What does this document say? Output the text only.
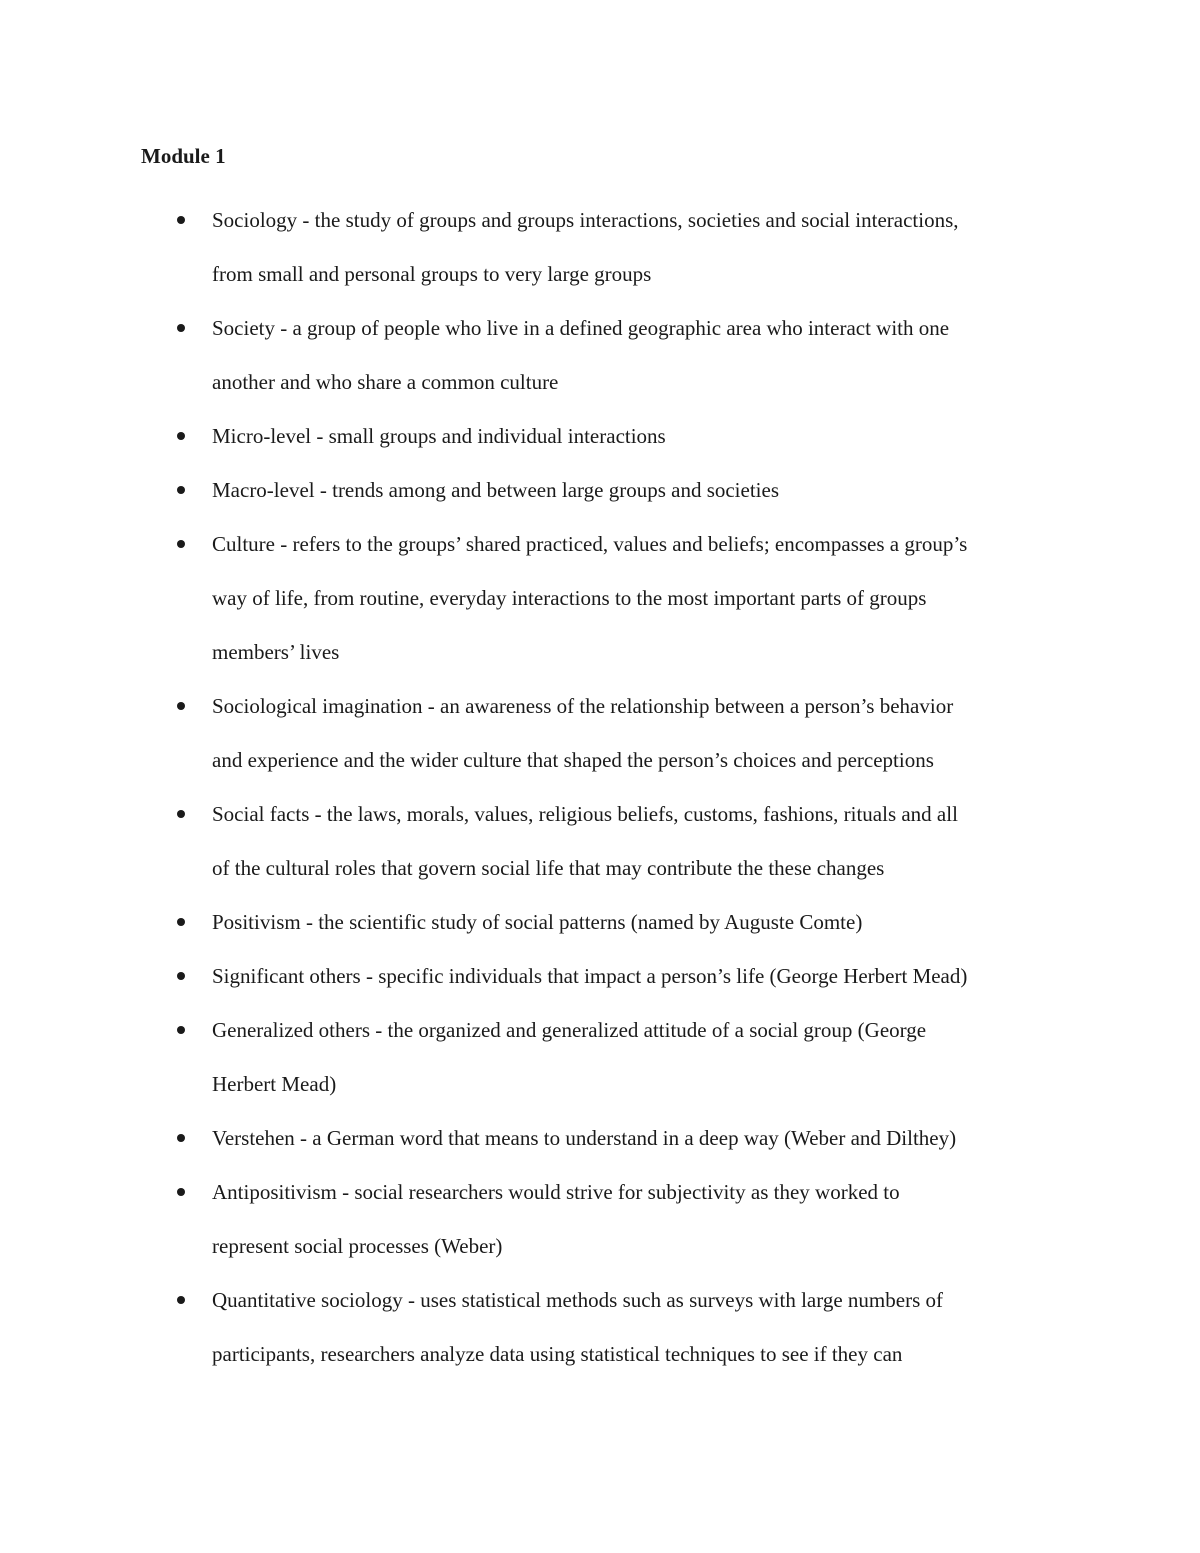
Module 1
Sociology - the study of groups and groups interactions, societies and social interactions,
from small and personal groups to very large groups
Society - a group of people who live in a defined geographic area who interact with one
another and who share a common culture
Micro-level - small groups and individual interactions
Macro-level - trends among and between large groups and societies
Culture - refers to the groups’ shared practiced, values and beliefs; encompasses a group’s
way of life, from routine, everyday interactions to the most important parts of groups
members’ lives
Sociological imagination - an awareness of the relationship between a person’s behavior
and experience and the wider culture that shaped the person’s choices and perceptions
Social facts - the laws, morals, values, religious beliefs, customs, fashions, rituals and all
of the cultural roles that govern social life that may contribute the these changes
Positivism - the scientific study of social patterns (named by Auguste Comte)
Significant others - specific individuals that impact a person’s life (George Herbert Mead)
Generalized others - the organized and generalized attitude of a social group (George
Herbert Mead)
Verstehen - a German word that means to understand in a deep way (Weber and Dilthey)
Antipositivism - social researchers would strive for subjectivity as they worked to
represent social processes (Weber)
Quantitative sociology - uses statistical methods such as surveys with large numbers of
participants, researchers analyze data using statistical techniques to see if they can
